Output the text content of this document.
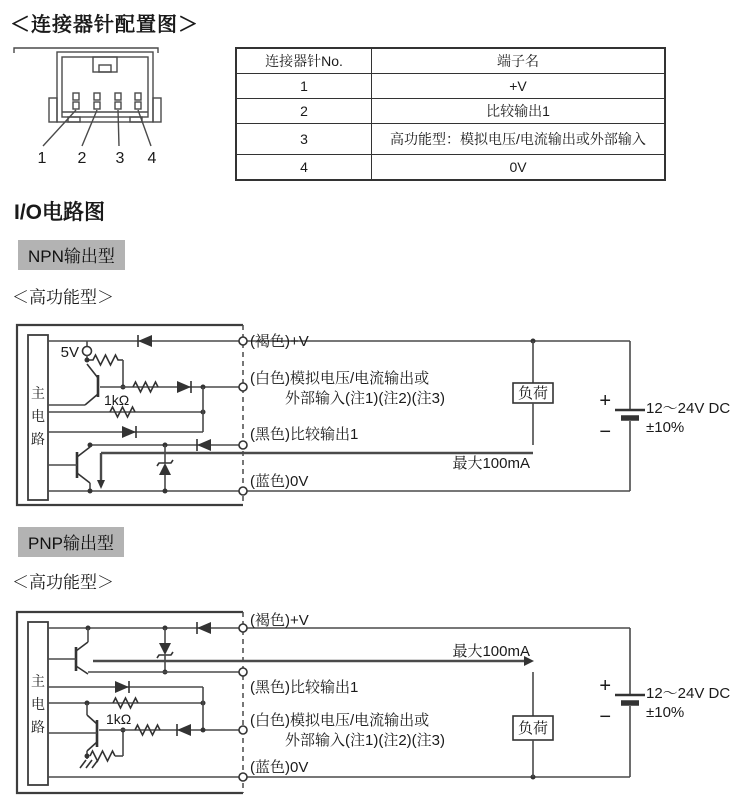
＜连接器针配置图＞
1 2 3 4
连接器针No.	端子名
1	+V
2	比较输出1
3	高功能型：模拟电压/电流输出或外部输入
4	0V
I/O电路图
NPN输出型
＜高功能型＞
主
电
路
5V
1kΩ	负荷	+
−
12～24V DC
±10%
(褐色)+V
(白色)模拟电压/电流输出或
外部输入(注1)(注2)(注3)
(黑色)比较输出1
最大100mA
(蓝色)0V
PNP输出型
＜高功能型＞
主
电
路	1kΩ
负荷
+
−
12～24V DC
±10%
(褐色)+V
最大100mA
(黑色)比较输出1
(白色)模拟电压/电流输出或
外部输入(注1)(注2)(注3)
(蓝色)0V
